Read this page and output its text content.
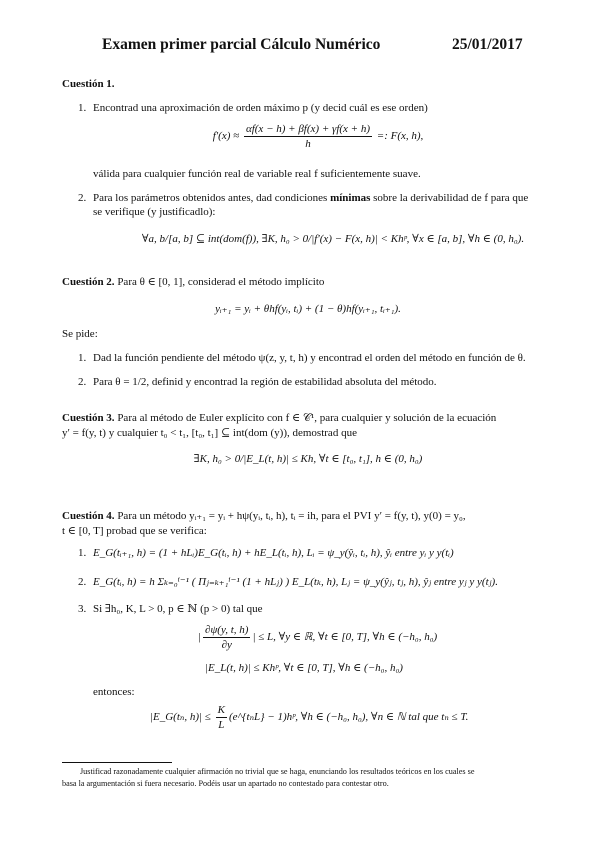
Examen primer parcial Cálculo Numérico	25/01/2017
Cuestión 1.
1. Encontrad una aproximación de orden máximo p (y decid cuál es ese orden)
$f'(x) \approx \frac{\alpha f(x - h) + \beta f(x) + \gamma f(x + h)}{h}$ =: F(x, h),
válida para cualquier función real de variable real f suficientemente suave.
2. Para los parámetros obtenidos antes, dad condiciones mínimas sobre la derivabilidad de f para que
se verifique (y justificadlo):
∀a, b/[a, b] ⊆ int(dom(f)), ∃K, h₀ > 0/|f′(x) − F(x, h)| < Khᵖ, ∀x ∈ [a, b], ∀h ∈ (0, h₀).
Cuestión 2. Para θ ∈ [0, 1], considerad el método implícito
yᵢ₊₁ = yᵢ + θhf(yᵢ, tᵢ) + (1 − θ)hf(yᵢ₊₁, tᵢ₊₁).
Se pide:
1. Dad la función pendiente del método ψ(z, y, t, h) y encontrad el orden del método en función de θ.
2. Para θ = 1/2, definid y encontrad la región de estabilidad absoluta del método.
Cuestión 3. Para al método de Euler explícito con f ∈ 𝒞¹, para cualquier y solución de la ecuación
y′ = f(y, t) y cualquier t₀ < t₁, [t₀, t₁] ⊆ int(dom (y)), demostrad que
∃K, h₀ > 0/|E_L(t, h)| ≤ Kh, ∀t ∈ [t₀, t₁], h ∈ (0, h₀)
Cuestión 4. Para un método yᵢ₊₁ = yᵢ + hψ(yᵢ, tᵢ, h), tᵢ = ih, para el PVI y′ = f(y, t), y(0) = y₀,
t ∈ [0, T] probad que se verifica:
1. E_G(tᵢ₊₁, h) = (1 + hLᵢ)E_G(tᵢ, h) + hE_L(tᵢ, h), Lᵢ = ψ_y(ŷᵢ, tᵢ, h), ŷᵢ entre yᵢ y y(tᵢ)
2. E_G(tᵢ, h) = h Σₖ₌₀ⁱ⁻¹ ( Πⱼ₌ₖ₊₁ⁱ⁻¹ (1 + hLⱼ) ) E_L(tₖ, h), Lⱼ = ψ_y(ŷⱼ, tⱼ, h), ŷⱼ entre yⱼ y y(tⱼ).
3. Si ∃h₀, K, L > 0, p ∈ ℕ (p > 0) tal que
| $\frac{\partial\psi(y, t, h)}{\partial y}$ | ≤ L, ∀y ∈ ℝ, ∀t ∈ [0, T], ∀h ∈ (−h₀, h₀)
|E_L(t, h)| ≤ Khᵖ, ∀t ∈ [0, T], ∀h ∈ (−h₀, h₀)
entonces:
|E_G(tₙ, $h)| \le \frac{K}{L}$ (e^{tₙL} − 1)hᵖ, ∀h ∈ (−h₀, h₀), ∀n ∈ ℕ tal que tₙ ≤ T.
Justificad razonadamente cualquier afirmación no trivial que se haga, enunciando los resultados teóricos en los cuales se
basa la argumentación si fuera necesario. Podéis usar un apartado no contestado para contestar otro.
